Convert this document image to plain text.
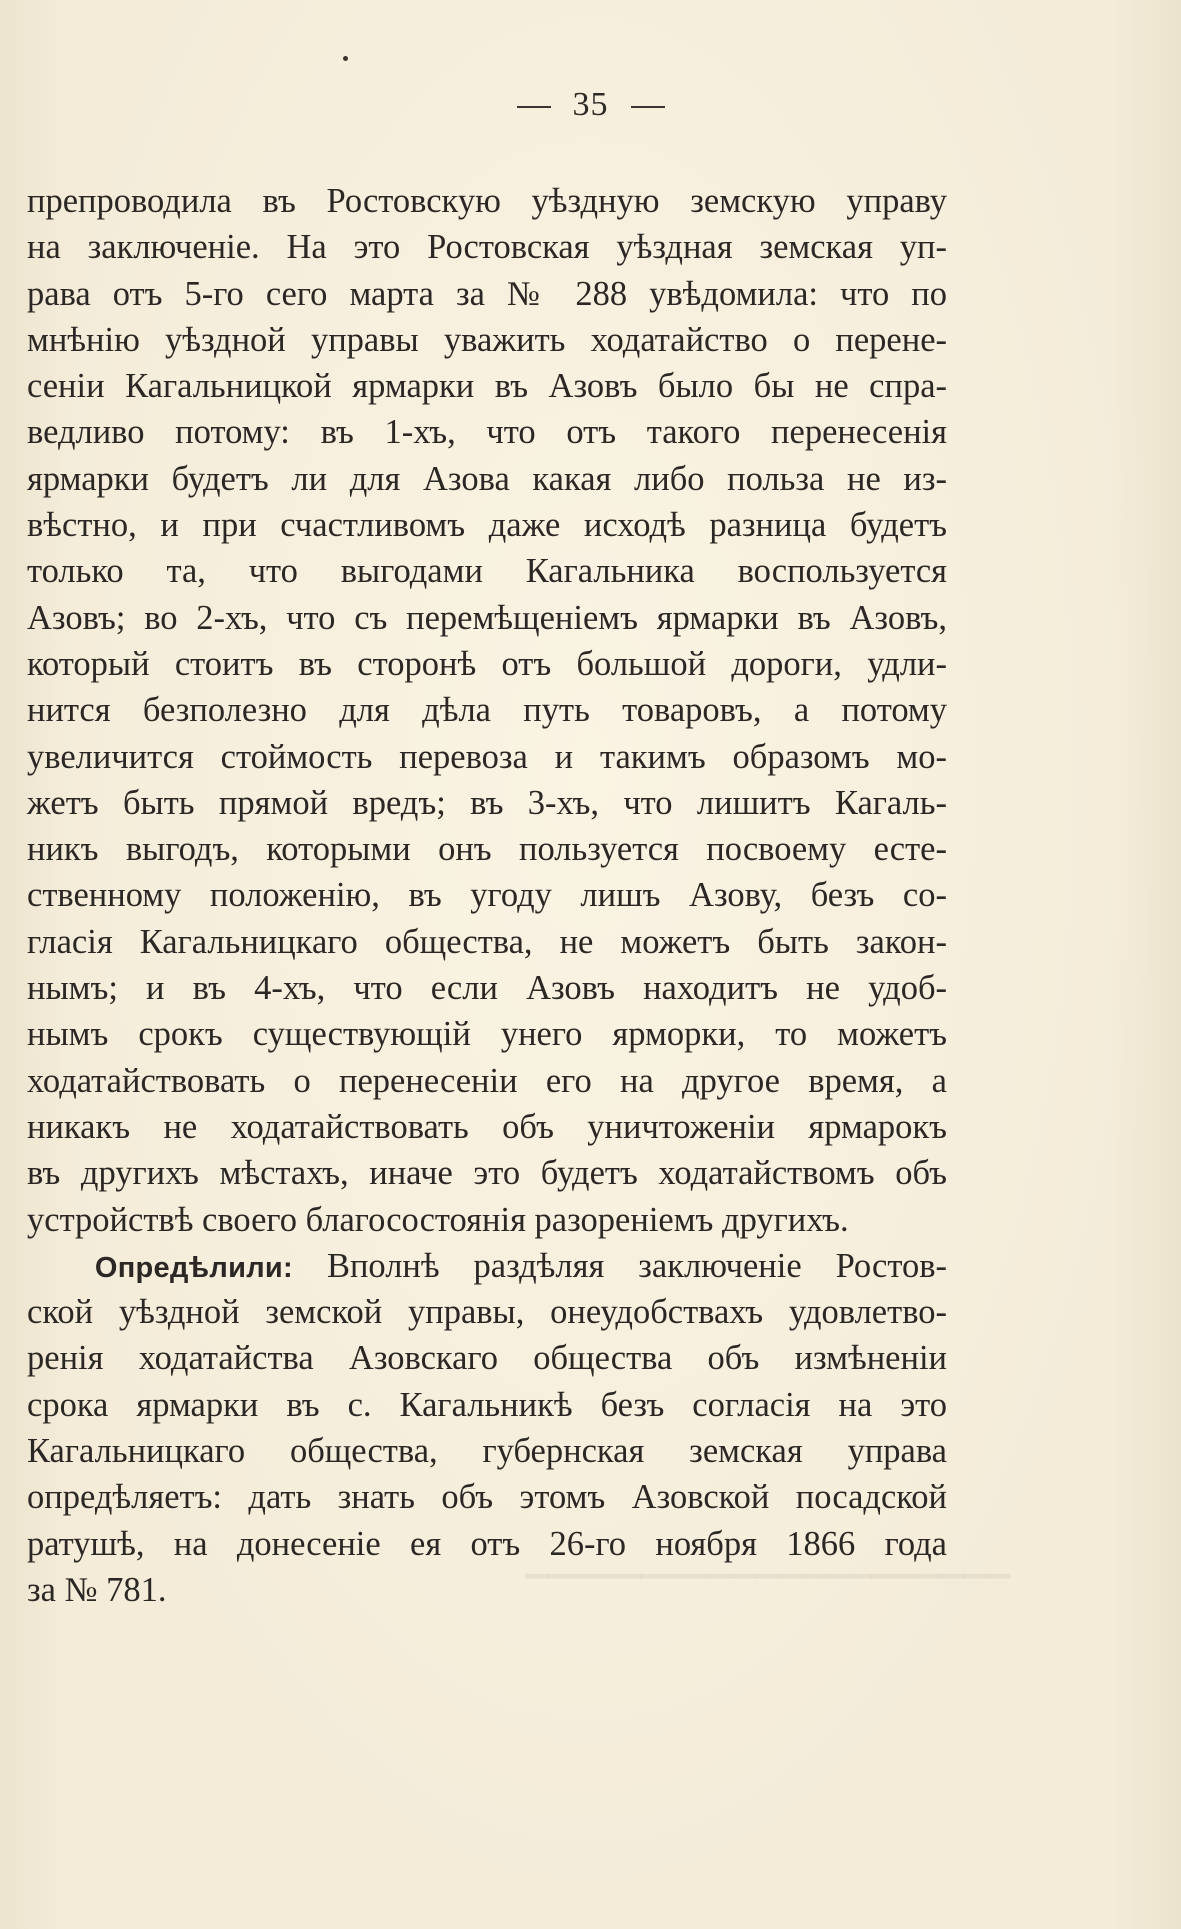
35
препроводила въ Ростовскую уѣздную земскую управу
на заключеніе. На это Ростовская уѣздная земская уп-
рава отъ 5-го сего марта за № 288 увѣдомила: что по
мнѣнію уѣздной управы уважить ходатайство о перене-
сеніи Кагальницкой ярмарки въ Азовъ было бы не спра-
ведливо потому: въ 1-хъ, что отъ такого перенесенія
ярмарки будетъ ли для Азова какая либо польза не из-
вѣстно, и при счастливомъ даже исходѣ разница будетъ
только та, что выгодами Кагальника воспользуется
Азовъ; во 2-хъ, что съ перемѣщеніемъ ярмарки въ Азовъ,
который стоитъ въ сторонѣ отъ большой дороги, удли-
нится безполезно для дѣла путь товаровъ, а потому
увеличится стоймость перевоза и такимъ образомъ мо-
жетъ быть прямой вредъ; въ 3-хъ, что лишитъ Кагаль-
никъ выгодъ, которыми онъ пользуется посвоему есте-
ственному положенію, въ угоду лишъ Азову, безъ со-
гласія Кагальницкаго общества, не можетъ быть закон-
нымъ; и въ 4-хъ, что если Азовъ находитъ не удоб-
нымъ срокъ существующій унего ярморки, то можетъ
ходатайствовать о перенесеніи его на другое время, а
никакъ не ходатайствовать объ уничтоженіи ярмарокъ
въ другихъ мѣстахъ, иначе это будетъ ходатайствомъ объ
устройствѣ своего благосостоянія разореніемъ другихъ.
Опредѣлили: Вполнѣ раздѣляя заключеніе Ростов-
ской уѣздной земской управы, онеудобствахъ удовлетво-
ренія ходатайства Азовскаго общества объ измѣненіи
срока ярмарки въ с. Кагальникѣ безъ согласія на это
Кагальницкаго общества, губернская земская управа
опредѣляетъ: дать знать объ этомъ Азовской посадской
ратушѣ, на донесеніе ея отъ 26-го ноября 1866 года
за № 781.	⁠▔▔▔▔▔▔▔▔▔▔▔▔▔▔▔▔▔▔▔▔▔
